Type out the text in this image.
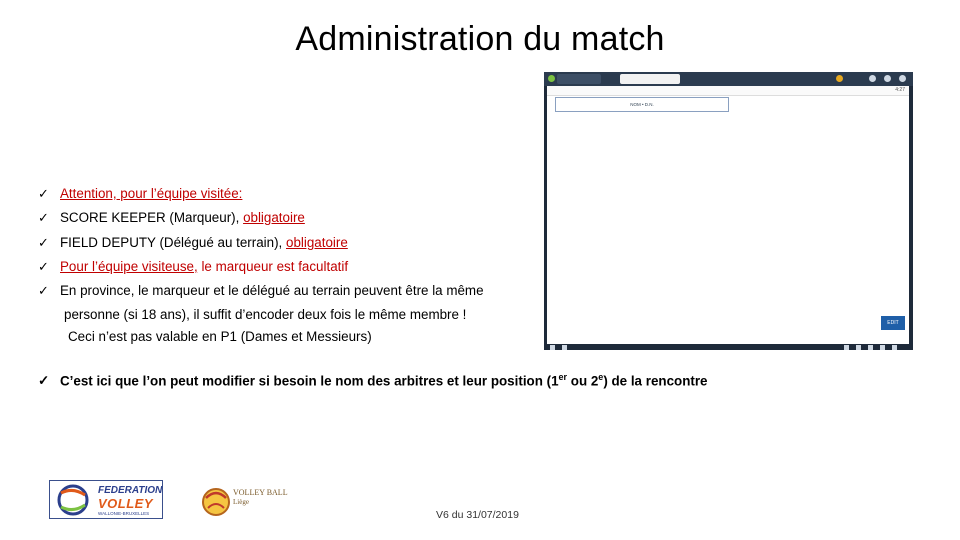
Administration du match
✓ Attention, pour l’équipe visitée:
✓ SCORE KEEPER (Marqueur), obligatoire
✓ FIELD DEPUTY (Délégué au terrain), obligatoire
✓ Pour l’équipe visiteuse, le marqueur est facultatif
✓ En province, le marqueur et le délégué au terrain peuvent être la même
personne (si 18 ans), il suffit d’encoder deux fois le même membre !
Ceci n’est pas valable en P1 (Dames et Messieurs)
✓ C’est ici que l’on peut modifier si besoin le nom des arbitres et leur position (1er ou 2e) de la rencontre
4:27
NOM • D.N.
EDIT
FEDERATION
VOLLEY
WALLONIE-BRUXELLES
VOLLEY BALL
Liège
V6 du 31/07/2019
